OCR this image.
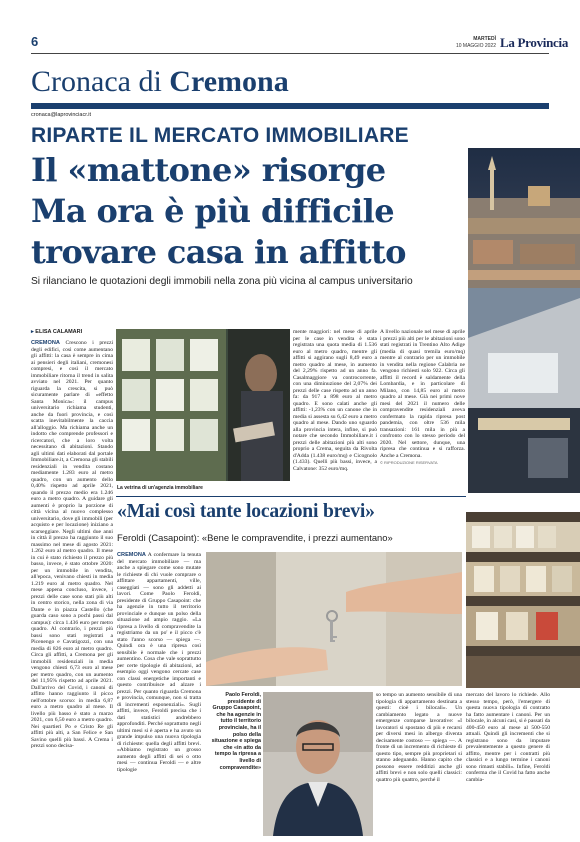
6	MARTEDÌ
10 MAGGIO 2022 La Provincia
Cronaca di Cremona
cronaca@laprovinciacr.it
RIPARTE IL MERCATO IMMOBILIARE
Il «mattone» risorge
Ma ora è più difficile
trovare casa in affitto
Si rilanciano le quotazioni degli immobili nella zona più vicina al campus universitario
▸ ELISA CALAMARI
CREMONA Crescono i prezzi degli edifici, così come aumentano gli affitti: la casa è sempre in cima ai pensieri degli italiani, cremonesi compresi, e così il mercato immobiliare ritorna il trend in salita avviato nel 2021. Per quanto riguarda la crescita, si può sicuramente parlare di «effetto Santa Monica»: il campus universitario richiama studenti, anche da fuori provincia, e così scatta inevitabilmente la caccia all'alloggio. Ma richiama anche un indotto che comprende professori e ricercatori, che a loro volta necessitano di abitazioni. Stando agli ultimi dati elaborati dal portale Immobiliare.it, a Cremona gli stabili residenziali in vendita costano mediamente 1.283 euro al metro quadro, con un aumento dello 0,40% rispetto ad aprile 2021, quando il prezzo medio era 1.246 euro a metro quadro. A guidare gli aumenti è proprio la porzione di città vicina al nuovo complesso universitario, dove gli immobili (per acquisto e per locazione) iniziano a scarseggiare. Negli ultimi due anni in città il prezzo ha raggiunto il suo massimo nel mese di agosto 2021: 1.262 euro al metro quadro. Il mese in cui è stato richiesto il prezzo più basso, invece, è stato ottobre 2020: per un immobile in vendita, all'epoca, venivano chiesti in media 1.219 euro al metro quadro. Nel mese appena concluso, invece, i prezzi delle case sono stati più alti in centro storico, nella zona di via Dante e in piazza Castello (che guarda caso sono a pochi passi dal campus): circa 1.436 euro per metro quadro. Al contrario, i prezzi più bassi sono stati registrati a Picenengo e Cavatigozzi, con una media di 826 euro al metro quadro. Circa gli affitti, a Cremona per gli immobili residenziali in media vengono chiesti 6,73 euro al mese per metro quadro, con un aumento del 11,95% rispetto ad aprile 2021. Dall'arrivo del Covid, i canoni di affitto hanno raggiunto il picco nell'ottobre scorso: in media 6,87 euro a metro quadro al mese. Il livello più basso è stato a marzo 2021, con 6,50 euro a metro quadro. Nei quartieri Po e Cristo Re gli affitti più alti, a San Felice e San Savino quelli più bassi. A Crema i prezzi sono decisa-
La vetrina di un'agenzia immobiliare
mente maggiori: nel mese di aprile per le case in vendita è stata registrata una quota media di 1.536 euro al metro quadro, mentre gli affitti si aggirano sugli 8,49 euro a metro quadro al mese, in aumento del 2,29% rispetto ad un anno fa. Casalmaggiore va controcorrente, con una diminuzione del 2,07% dei prezzi delle case rispetto ad un anno fa: da 917 a 898 euro al metro quadro. E sono calati anche gli affitti: -1,23% con un canone che in media si assesta su 6,42 euro a metro quadro al mese. Dando uno sguardo alla provincia intera, infine, si può notare che secondo Immobiliare.it i prezzi delle abitazioni più alti sono proprio a Crema, seguita da Rivolta d'Adda (1.438 euro/mq) e Cicognolo (1.433). Quelli più bassi, invece, a Calvatone: 352 euro/mq.
A livello nazionale nel mese di aprile i prezzi più alti per le abitazioni sono stati registrati in Trentino Alto Adige (media di quasi tremila euro/mq) mentre al contrario per un immobile in vendita nella regione Calabria ne vengono richiesti solo 922. Circa gli affitti il record è saldamente della Lombardia, e in particolare di Milano, con 14,85 euro al metro quadro al mese. Già nei primi nove mesi del 2021 il numero delle compravendite residenziali aveva confermato la rapida ripresa post pandemia, con oltre 536 mila transazioni: 161 mila in più a confronto con lo stesso periodo del 2020. Nel settore, dunque, una ripresa che continua e si rafforza. Anche a Cremona.
© RIPRODUZIONE RISERVATA
«Mai così tante locazioni brevi»
Feroldi (Casapoint): «Bene le compravendite, i prezzi aumentano»
CREMONA A confermare la tenuta del mercato immobiliare — ma anche a spiegare come sono mutate le richieste di chi vuole comprare o affittare appartamenti, ville, caseggiati — sono gli addetti ai lavori. Come Paolo Feroldi, presidente di Gruppo Casapoint: che ha agenzie in tutto il territorio provinciale e dunque un polso della situazione ad ampio raggio. «La ripresa a livello di compravendite la registriamo da un po' e il picco c'è stato l'anno scorso — spiega —. Quindi ora è una ripresa così sensibile è normale che i prezzi aumentino. Cosa che vale soprattutto per certe tipologie di abitazioni, ad esempio oggi vengono cercate case con classi energetiche importanti e questo contribuisce ad alzare i prezzi. Per quanto riguarda Cremona e provincia, comunque, non si tratta di incrementi esponenziali». Sugli affitti, invece, Feroldi precisa che i dati statistici andrebbero approfonditi. Perché soprattutto negli ultimi mesi si è aperta e ha avuto un grande impulso una nuova tipologia di richieste: quella degli affitti brevi. «Abbiamo registrato un grosso aumento degli affitti di sei o otto mesi — continua Feroldi — e altre tipologie
Paolo Feroldi,
presidente di Gruppo Casapoint, che ha agenzie in tutto il territorio provinciale, ha il polso della situazione e spiega che «in atto da tempo la ripresa a livello di compravendite»
so tempo un aumento sensibile di una tipologia di appartamento destinata a questi: cioè i bilocali». Un cambiamento legato a nuove emergenze comparse lavorative: «I lavoratori si spostano di più e recarsi per diversi mesi in albergo diventa decisamente costoso — spiega —. A fronte di un incremento di richieste di questo tipo, sempre più proprietari si stanno adeguando. Hanno capito che possono essere redditizi anche gli affitti brevi e non solo quelli classici: quattro più quattro, perché il
mercato del lavoro lo richiede. Allo stesso tempo, però, l'emergere di questa nuova tipologia di contratto ha fatto aumentare i canoni. Per un bilocale, in alcuni casi, si è passati da 400-450 euro al mese al 500-550 attuali. Quindi gli incrementi che si registrano sono da imputare prevalentemente a questo genere di affitto, mentre per i contratti più classici e a lungo termine i canoni sono rimasti stabili». Infine, Feroldi conferma che il Covid ha fatto anche cambia-
